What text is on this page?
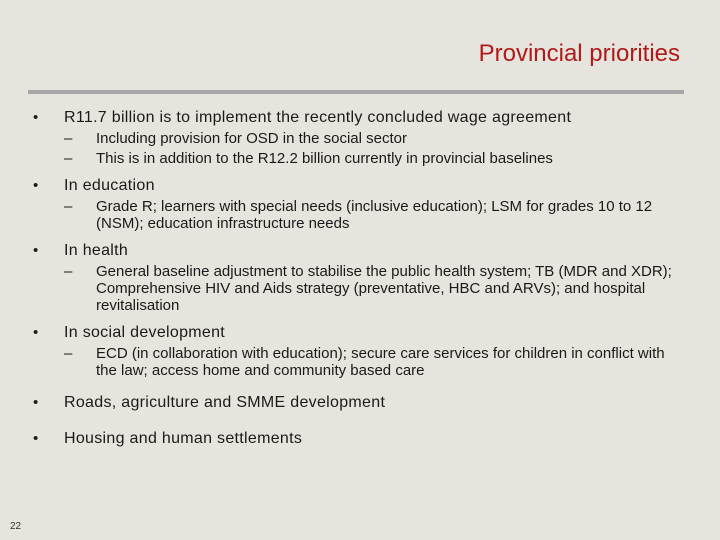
Provincial priorities
• R11.7 billion is to implement the recently concluded wage agreement
– Including provision for OSD in the social sector
– This is in addition to the R12.2 billion currently in provincial baselines
• In education
– Grade R; learners with special needs (inclusive education); LSM for grades 10 to 12 (NSM); education infrastructure needs
• In health
– General baseline adjustment to stabilise the public health system; TB (MDR and XDR); Comprehensive HIV and Aids strategy (preventative, HBC and ARVs); and hospital revitalisation
• In social development
– ECD (in collaboration with education); secure care services for children in conflict with the law; access home and community based care
• Roads, agriculture and SMME development
• Housing and human settlements
22
